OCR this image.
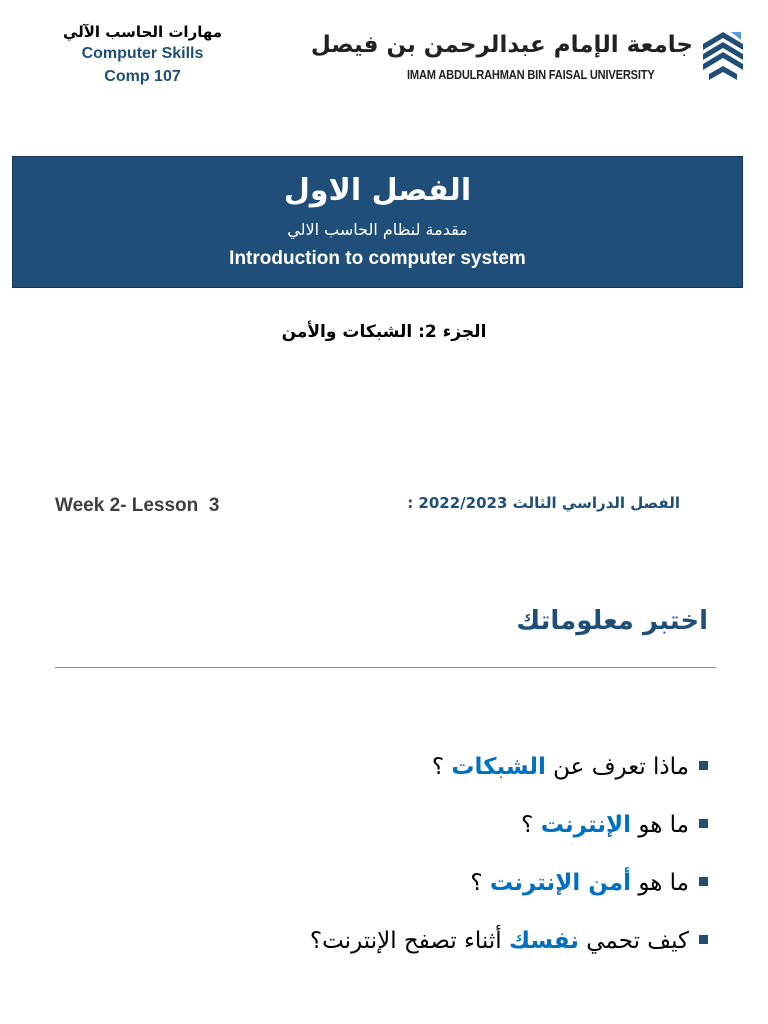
مهارات الحاسب الآلي
Computer Skills
Comp 107
جامعة الإمام عبدالرحمن بن فيصل
IMAM ABDULRAHMAN BIN FAISAL UNIVERSITY
الفصل الاول
مقدمة لنظام الحاسب الالي
Introduction to computer system
الجزء 2: الشبكات والأمن
Week 2- Lesson  3	الفصل الدراسي الثالث : 2022/2023
اختبر معلوماتك
ماذا تعرف عن الشبكات ؟
ما هو الإنترنت ؟
ما هو أمن الإنترنت ؟
كيف تحمي نفسك أثناء تصفح الإنترنت؟
